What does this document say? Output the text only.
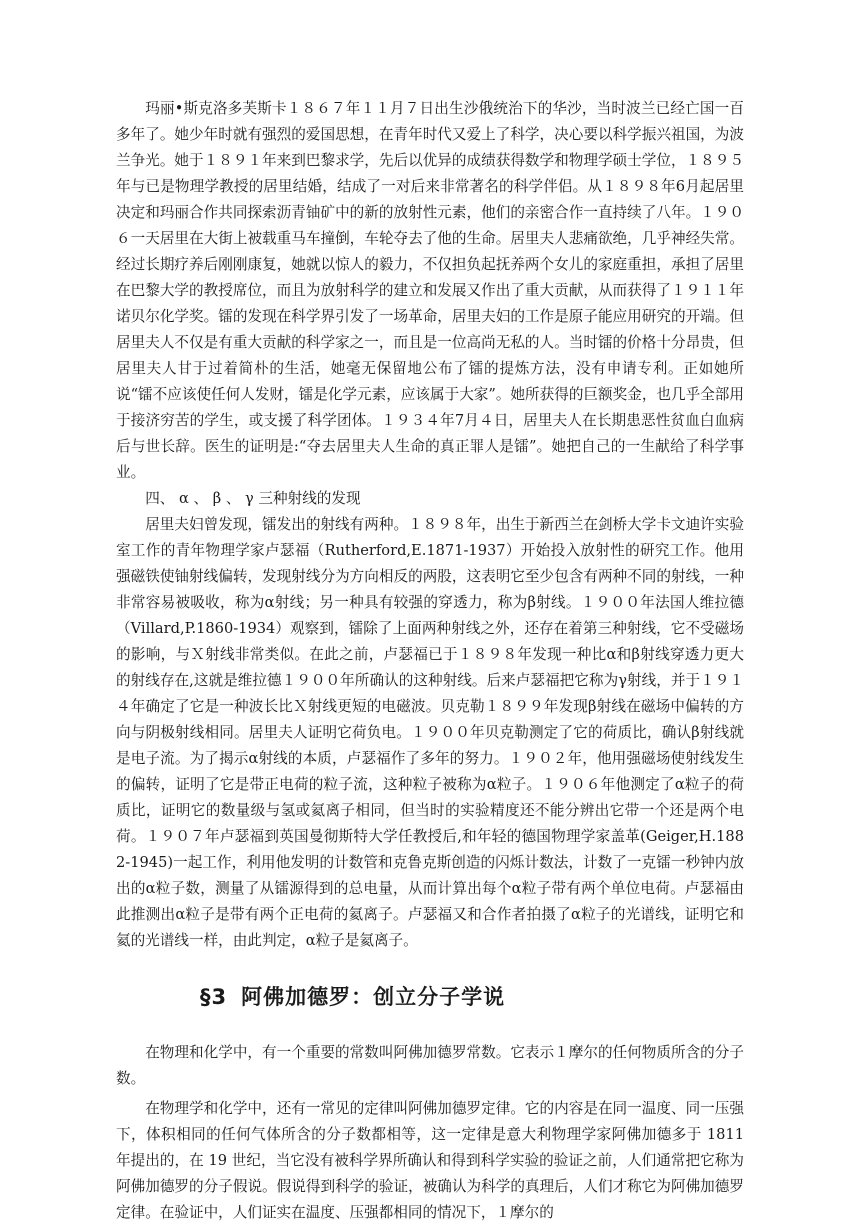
玛丽•斯克洛多芙斯卡１８６７年１１月７日出生沙俄统治下的华沙，当时波兰已经亡国一百多年了。她少年时就有强烈的爱国思想，在青年时代又爱上了科学，决心要以科学振兴祖国，为波兰争光。她于１８９１年来到巴黎求学，先后以优异的成绩获得数学和物理学硕士学位，１８９５年与已是物理学教授的居里结婚，结成了一对后来非常著名的科学伴侣。从１８９８年6月起居里决定和玛丽合作共同探索沥青铀矿中的新的放射性元素，他们的亲密合作一直持续了八年。１９０６一天居里在大街上被载重马车撞倒，车轮夺去了他的生命。居里夫人悲痛欲绝，几乎神经失常。经过长期疗养后刚刚康复，她就以惊人的毅力，不仅担负起抚养两个女儿的家庭重担，承担了居里在巴黎大学的教授席位，而且为放射科学的建立和发展又作出了重大贡献，从而获得了１９１１年诺贝尔化学奖。镭的发现在科学界引发了一场革命，居里夫妇的工作是原子能应用研究的开端。但居里夫人不仅是有重大贡献的科学家之一，而且是一位高尚无私的人。当时镭的价格十分昂贵，但居里夫人甘于过着简朴的生活，她毫无保留地公布了镭的提炼方法，没有申请专利。正如她所说“镭不应该使任何人发财，镭是化学元素，应该属于大家”。她所获得的巨额奖金，也几乎全部用于接济穷苦的学生，或支援了科学团体。１９３４年7月４日，居里夫人在长期患恶性贫血白血病后与世长辞。医生的证明是:“夺去居里夫人生命的真正罪人是镭”。她把自己的一生献给了科学事业。

四、 α 、 β 、 γ 三种射线的发现

居里夫妇曾发现，镭发出的射线有两种。１８９８年，出生于新西兰在剑桥大学卡文迪许实验室工作的青年物理学家卢瑟福（Rutherford,E.1871-1937）开始投入放射性的研究工作。他用强磁铁使铀射线偏转，发现射线分为方向相反的两股，这表明它至少包含有两种不同的射线，一种非常容易被吸收，称为α射线；另一种具有较强的穿透力，称为β射线。１９００年法国人维拉德（Villard,P.1860-1934）观察到，镭除了上面两种射线之外，还存在着第三种射线，它不受磁场的影响，与Ｘ射线非常类似。在此之前，卢瑟福已于１８９８年发现一种比α和β射线穿透力更大的射线存在,这就是维拉德１９００年所确认的这种射线。后来卢瑟福把它称为γ射线，并于１９１４年确定了它是一种波长比Ｘ射线更短的电磁波。贝克勒１８９９年发现β射线在磁场中偏转的方向与阴极射线相同。居里夫人证明它荷负电。１９００年贝克勒测定了它的荷质比，确认β射线就是电子流。为了揭示α射线的本质，卢瑟福作了多年的努力。１９０２年，他用强磁场使射线发生的偏转，证明了它是带正电荷的粒子流，这种粒子被称为α粒子。１９０６年他测定了α粒子的荷质比，证明它的数量级与氢或氦离子相同，但当时的实验精度还不能分辨出它带一个还是两个电荷。１９０７年卢瑟福到英国曼彻斯特大学任教授后,和年轻的德国物理学家盖革(Geiger,H.1882-1945)一起工作，利用他发明的计数管和克鲁克斯创造的闪烁计数法，计数了一克镭一秒钟内放出的α粒子数，测量了从镭源得到的总电量，从而计算出每个α粒子带有两个单位电荷。卢瑟福由此推测出α粒子是带有两个正电荷的氦离子。卢瑟福又和合作者拍摄了α粒子的光谱线，证明它和氦的光谱线一样，由此判定，α粒子是氦离子。

§3 阿佛加德罗：创立分子学说

在物理和化学中，有一个重要的常数叫阿佛加德罗常数。它表示１摩尔的任何物质所含的分子数。

在物理学和化学中，还有一常见的定律叫阿佛加德罗定律。它的内容是在同一温度、同一压强下，体积相同的任何气体所含的分子数都相等，这一定律是意大利物理学家阿佛加德多于 1811 年提出的，在 19 世纪，当它没有被科学界所确认和得到科学实验的验证之前，人们通常把它称为阿佛加德罗的分子假说。假说得到科学的验证，被确认为科学的真理后，人们才称它为阿佛加德罗定律。在验证中，人们证实在温度、压强都相同的情况下，１摩尔的
